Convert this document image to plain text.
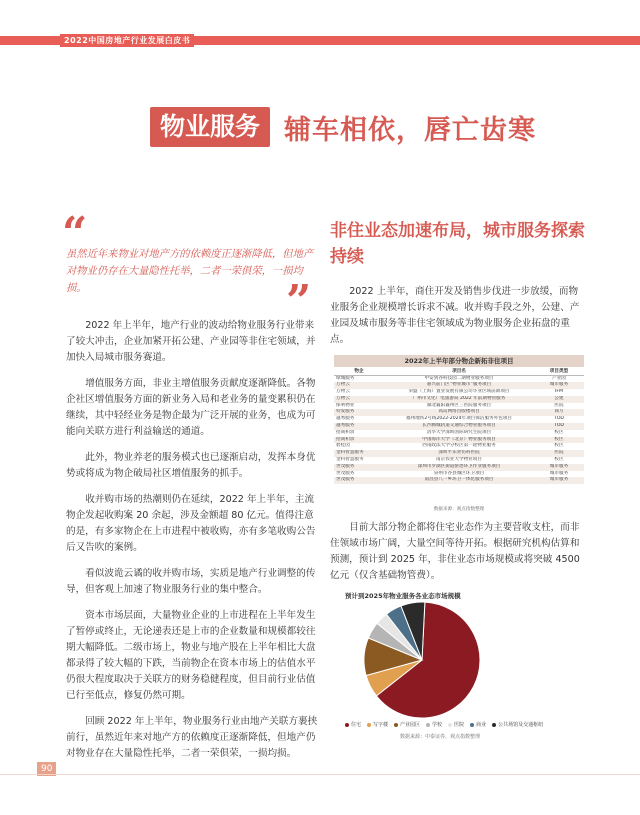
2022中国房地产行业发展白皮书
物业服务 辅车相依，唇亡齿寒
“
虽然近年来物业对地产方的依赖度正逐渐降低，但地产对物业仍存在大量隐性托举，二者一荣俱荣，一损均损。	”

2022 年上半年，地产行业的波动给物业服务行业带来了较大冲击，企业加紧开拓公建、产业园等非住宅领域，并加快入局城市服务赛道。

增值服务方面，非业主增值服务贡献度逐渐降低。各物企社区增值服务方面的新业务入局和老业务的量变累积仍在继续，其中轻经业务是物企最为广泛开展的业务，也成为可能向关联方进行利益输送的通道。

此外，物业养老的服务模式也已逐渐启动，发挥本身优势或将成为物企破局社区增值服务的抓手。

收并购市场的热潮则仍在延续，2022 年上半年，主流物企发起收购案 20 余起，涉及金额超 80 亿元。值得注意的是，有多家物企在上市进程中被收购，亦有多笔收购公告后又告吹的案例。

看似波诡云谲的收并购市场，实质是地产行业调整的传导，但客观上加速了物业服务行业的集中整合。

资本市场层面，大量物业企业的上市进程在上半年发生了暂停或终止，无论递表还是上市的企业数量和规模都较往期大幅降低。二级市场上，物业与地产股在上半年相比大盘都录得了较大幅的下跌，当前物企在资本市场上的估值水平仍很大程度取决于关联方的财务稳健程度，但目前行业估值已行至低点，修复仍然可期。

回顾 2022 年上半年，物业服务行业由地产关联方裹挟前行，虽然近年来对地产方的依赖度正逐渐降低，但地产仍对物业存在大量隐性托举，二者一荣俱荣，一损均损。

非住业态加速布局，城市服务探索持续
2022 上半年，商住开发及销售步伐进一步放缓，而物业服务企业规模增长诉求不减。收并购手段之外，公建、产业园及城市服务等非住宅领域成为物业服务企业拓盘的重点。
2022年上半年部分物企新拓非住项目
物企	项目名	项目类型
绿城服务	中安到谷科技园二期物业服务项目	产业园
万物云	嘉兴前门区“物业城市”服务项目	城市服务
万物云	荣盛（上海）置业发展有限公司毕业区域前期项目	IFM
万物云	广州市文化广电旅游局 2022 年前期物管服务	公建
保利物业	湖北襄阳襄州区三医院服务项目	医院
特发服务	高岛网络出版楼项目	商写
越秀服务	福州地铁2号线2022-2024年项目保洁服务外包项目	TOD
越秀服务	长沙腾城轨道交通综合物业服务项目	TOD
招商积余	清华大学深圳国际研究生院项目	校区
招商积余	中国海洋大学（北京）物业服务项目	校区
碧桂园	西南政法大学分校区第一轮物业服务	校区
金科智慧服务	深圳平乐骨伤科医院	医院
金科智慧服务	南京农业大学物业项目	校区
世茂服务	深圳市罗湖区街道驱逐环卫作业服务项目	城市服务
世茂服务	泉州市谷县城区环卫项目	城市服务
世茂服务	南昌县八一乡环卫一体化服务项目	城市服务
数据来源：观点指数整理
目前大部分物企都将住宅业态作为主要营收支柱，而非住领域市场广阔，大量空间等待开拓。根据研究机构估算和预测，预计到 2025 年，非住业态市场规模或将突破 4500 亿元（仅含基础物管费）。
预计到2025年物业服务各业态市场规模
住宅 写字楼 产业园区 学校 医院 商业 公共场馆及交通枢纽
数据来源：中泰证券、观点指数整理
90
